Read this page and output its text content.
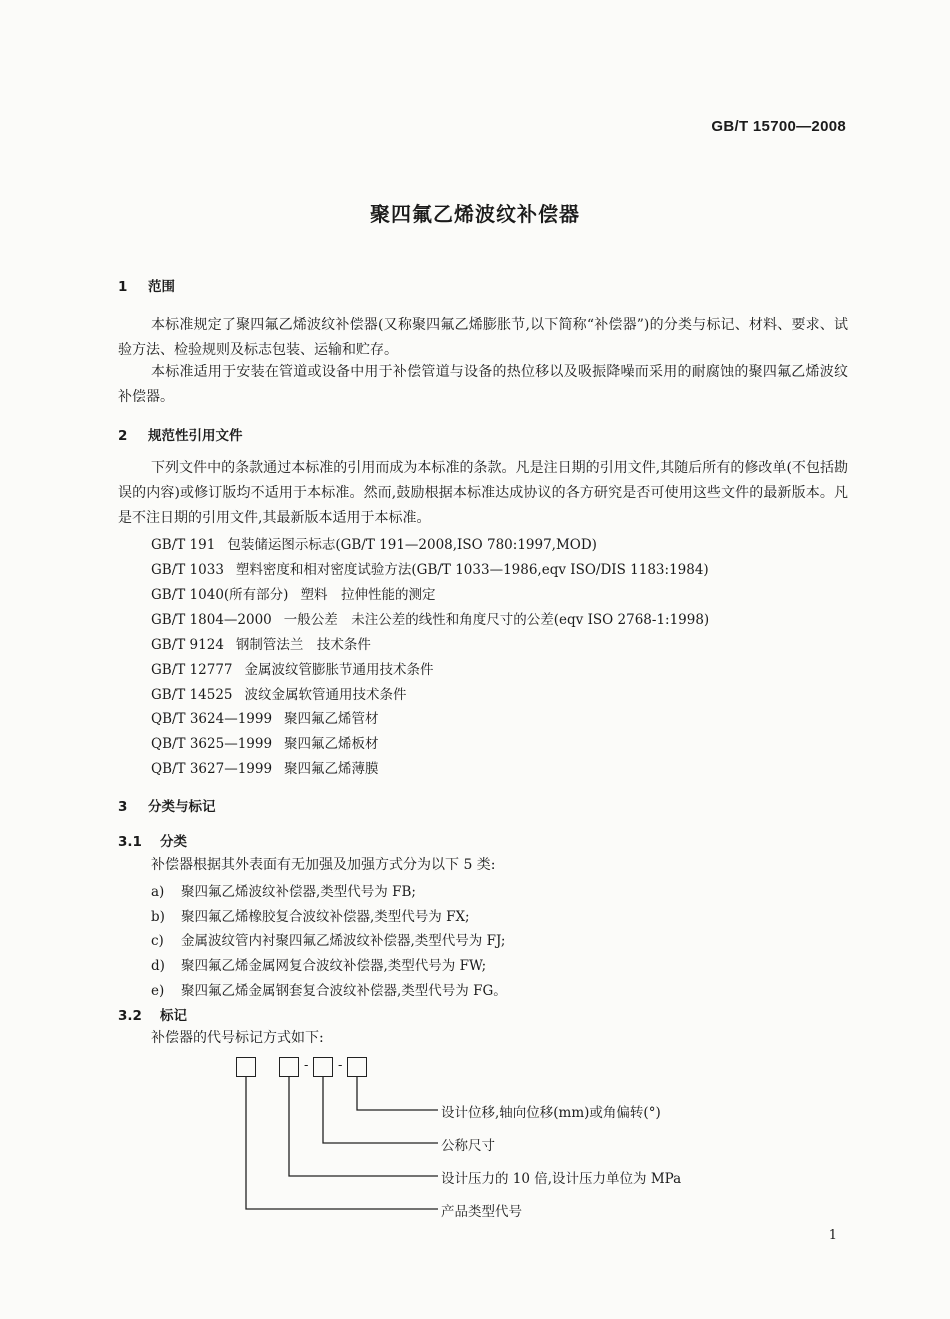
GB/T 15700—2008
聚四氟乙烯波纹补偿器
1 范围
本标准规定了聚四氟乙烯波纹补偿器(又称聚四氟乙烯膨胀节,以下简称“补偿器”)的分类与标记、材料、要求、试验方法、检验规则及标志包装、运输和贮存。
本标准适用于安装在管道或设备中用于补偿管道与设备的热位移以及吸振降噪而采用的耐腐蚀的聚四氟乙烯波纹补偿器。
2 规范性引用文件
下列文件中的条款通过本标准的引用而成为本标准的条款。凡是注日期的引用文件,其随后所有的修改单(不包括勘误的内容)或修订版均不适用于本标准。然而,鼓励根据本标准达成协议的各方研究是否可使用这些文件的最新版本。凡是不注日期的引用文件,其最新版本适用于本标准。
GB/T 191 包装储运图示标志(GB/T 191—2008,ISO 780:1997,MOD)
GB/T 1033 塑料密度和相对密度试验方法(GB/T 1033—1986,eqv ISO/DIS 1183:1984)
GB/T 1040(所有部分) 塑料　拉伸性能的测定
GB/T 1804—2000 一般公差　未注公差的线性和角度尺寸的公差(eqv ISO 2768-1:1998)
GB/T 9124 钢制管法兰　技术条件
GB/T 12777 金属波纹管膨胀节通用技术条件
GB/T 14525 波纹金属软管通用技术条件
QB/T 3624—1999 聚四氟乙烯管材
QB/T 3625—1999 聚四氟乙烯板材
QB/T 3627—1999 聚四氟乙烯薄膜
3 分类与标记
3.1 分类
补偿器根据其外表面有无加强及加强方式分为以下 5 类:
a) 聚四氟乙烯波纹补偿器,类型代号为 FB;
b) 聚四氟乙烯橡胶复合波纹补偿器,类型代号为 FX;
c) 金属波纹管内衬聚四氟乙烯波纹补偿器,类型代号为 FJ;
d) 聚四氟乙烯金属网复合波纹补偿器,类型代号为 FW;
e) 聚四氟乙烯金属钢套复合波纹补偿器,类型代号为 FG。
3.2 标记
补偿器的代号标记方式如下:
- -
设计位移,轴向位移(mm)或角偏转(°)
公称尺寸
设计压力的 10 倍,设计压力单位为 MPa
产品类型代号
1
